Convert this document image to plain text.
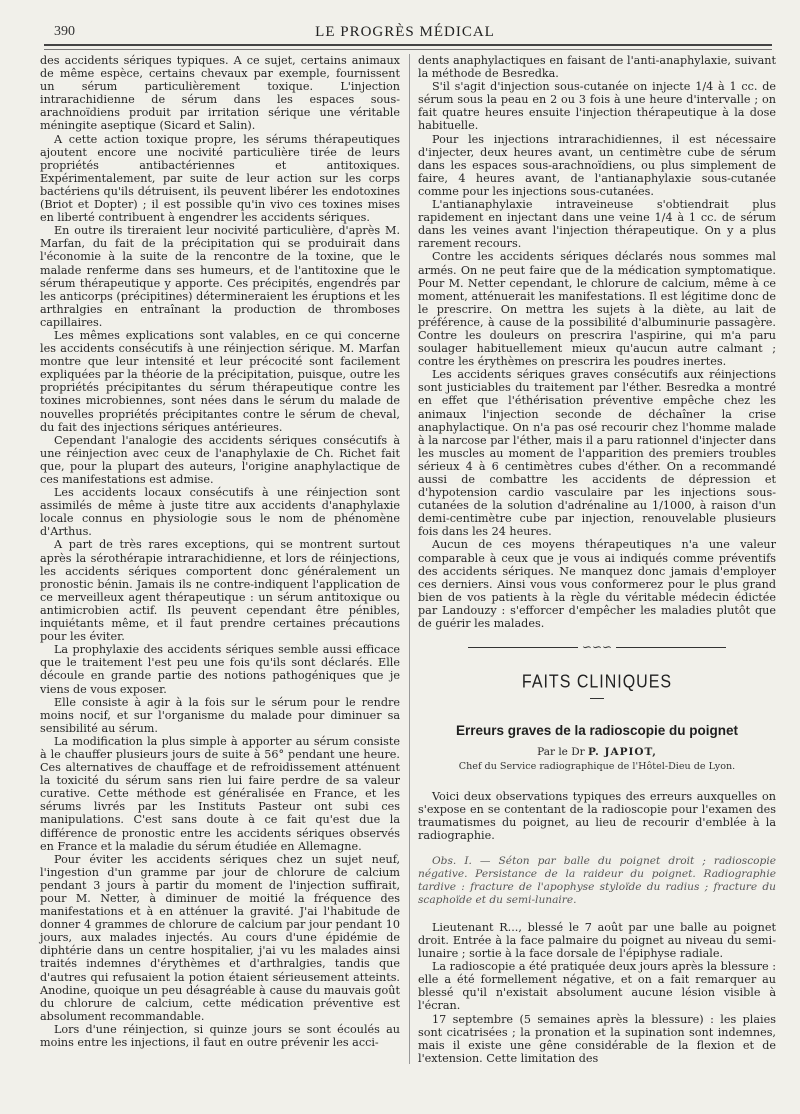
390	LE PROGRÈS MÉDICAL

des accidents sériques typiques. A ce sujet, certains animaux de même espèce, certains chevaux par exemple, fournissent un sérum particulièrement toxique. L'injection intrarachidienne de sérum dans les espaces sous-arachnoïdiens produit par irritation sérique une véritable méningite aseptique (Sicard et Salin).

A cette action toxique propre, les sérums thérapeutiques ajoutent encore une nocivité particulière tirée de leurs propriétés antibactériennes et antitoxiques. Expérimentalement, par suite de leur action sur les corps bactériens qu'ils détruisent, ils peuvent libérer les endotoxines (Briot et Dopter) ; il est possible qu'in vivo ces toxines mises en liberté contribuent à engendrer les accidents sériques.

En outre ils tireraient leur nocivité particulière, d'après M. Marfan, du fait de la précipitation qui se produirait dans l'économie à la suite de la rencontre de la toxine, que le malade renferme dans ses humeurs, et de l'antitoxine que le sérum thérapeutique y apporte. Ces précipités, engendrés par les anticorps (précipitines) détermineraient les éruptions et les arthralgies en entraînant la production de thromboses capillaires.

Les mêmes explications sont valables, en ce qui concerne les accidents consécutifs à une réinjection sérique. M. Marfan montre que leur intensité et leur précocité sont facilement expliquées par la théorie de la précipitation, puisque, outre les propriétés précipitantes du sérum thérapeutique contre les toxines microbiennes, sont nées dans le sérum du malade de nouvelles propriétés précipitantes contre le sérum de cheval, du fait des injections sériques antérieures.

Cependant l'analogie des accidents sériques consécutifs à une réinjection avec ceux de l'anaphylaxie de Ch. Richet fait que, pour la plupart des auteurs, l'origine anaphylactique de ces manifestations est admise.

Les accidents locaux consécutifs à une réinjection sont assimilés de même à juste titre aux accidents d'anaphylaxie locale connus en physiologie sous le nom de phénomène d'Arthus.

A part de très rares exceptions, qui se montrent surtout après la sérothérapie intrarachidienne, et lors de réinjections, les accidents sériques comportent donc généralement un pronostic bénin. Jamais ils ne contre-indiquent l'application de ce merveilleux agent thérapeutique : un sérum antitoxique ou antimicrobien actif. Ils peuvent cependant être pénibles, inquiétants même, et il faut prendre certaines précautions pour les éviter.

La prophylaxie des accidents sériques semble aussi efficace que le traitement l'est peu une fois qu'ils sont déclarés. Elle découle en grande partie des notions pathogéniques que je viens de vous exposer.

Elle consiste à agir à la fois sur le sérum pour le rendre moins nocif, et sur l'organisme du malade pour diminuer sa sensibilité au sérum.

La modification la plus simple à apporter au sérum consiste à le chauffer plusieurs jours de suite à 56° pendant une heure. Ces alternatives de chauffage et de refroidissement atténuent la toxicité du sérum sans rien lui faire perdre de sa valeur curative. Cette méthode est généralisée en France, et les sérums livrés par les Instituts Pasteur ont subi ces manipulations. C'est sans doute à ce fait qu'est due la différence de pronostic entre les accidents sériques observés en France et la maladie du sérum étudiée en Allemagne.

Pour éviter les accidents sériques chez un sujet neuf, l'ingestion d'un gramme par jour de chlorure de calcium pendant 3 jours à partir du moment de l'injection suffirait, pour M. Netter, à diminuer de moitié la fréquence des manifestations et à en atténuer la gravité. J'ai l'habitude de donner 4 grammes de chlorure de calcium par jour pendant 10 jours, aux malades injectés. Au cours d'une épidémie de diphtérie dans un centre hospitalier, j'ai vu les malades ainsi traités indemnes d'érythèmes et d'arthralgies, tandis que d'autres qui refusaient la potion étaient sérieusement atteints. Anodine, quoique un peu désagréable à cause du mauvais goût du chlorure de calcium, cette médication préventive est absolument recommandable.

Lors d'une réinjection, si quinze jours se sont écoulés au moins entre les injections, il faut en outre prévenir les acci-

dents anaphylactiques en faisant de l'anti-anaphylaxie, suivant la méthode de Besredka.

S'il s'agit d'injection sous-cutanée on injecte 1/4 à 1 cc. de sérum sous la peau en 2 ou 3 fois à une heure d'intervalle ; on fait quatre heures ensuite l'injection thérapeutique à la dose habituelle.

Pour les injections intrarachidiennes, il est nécessaire d'injecter, deux heures avant, un centimètre cube de sérum dans les espaces sous-arachnoïdiens, ou plus simplement de faire, 4 heures avant, de l'antianaphylaxie sous-cutanée comme pour les injections sous-cutanées.

L'antianaphylaxie intraveineuse s'obtiendrait plus rapidement en injectant dans une veine 1/4 à 1 cc. de sérum dans les veines avant l'injection thérapeutique. On y a plus rarement recours.

Contre les accidents sériques déclarés nous sommes mal armés. On ne peut faire que de la médication symptomatique. Pour M. Netter cependant, le chlorure de calcium, même à ce moment, atténuerait les manifestations. Il est légitime donc de le prescrire. On mettra les sujets à la diète, au lait de préférence, à cause de la possibilité d'albuminurie passagère. Contre les douleurs on prescrira l'aspirine, qui m'a paru soulager habituellement mieux qu'aucun autre calmant ; contre les érythèmes on prescrira les poudres inertes.

Les accidents sériques graves consécutifs aux réinjections sont justiciables du traitement par l'éther. Besredka a montré en effet que l'éthérisation préventive empêche chez les animaux l'injection seconde de déchaîner la crise anaphylactique. On n'a pas osé recourir chez l'homme malade à la narcose par l'éther, mais il a paru rationnel d'injecter dans les muscles au moment de l'apparition des premiers troubles sérieux 4 à 6 centimètres cubes d'éther. On a recommandé aussi de combattre les accidents de dépression et d'hypotension cardio vasculaire par les injections sous-cutanées de la solution d'adrénaline au 1/1000, à raison d'un demi-centimètre cube par injection, renouvelable plusieurs fois dans les 24 heures.

Aucun de ces moyens thérapeutiques n'a une valeur comparable à ceux que je vous ai indiqués comme préventifs des accidents sériques. Ne manquez donc jamais d'employer ces derniers. Ainsi vous vous conformerez pour le plus grand bien de vos patients à la règle du véritable médecin édictée par Landouzy : s'efforcer d'empêcher les maladies plutôt que de guérir les malades.

∽∽∽
FAITS CLINIQUES
Erreurs graves de la radioscopie du poignet
Par le Dr P. JAPIOT,
Chef du Service radiographique de l'Hôtel-Dieu de Lyon.

Voici deux observations typiques des erreurs auxquelles on s'expose en se contentant de la radioscopie pour l'examen des traumatismes du poignet, au lieu de recourir d'emblée à la radiographie.

Obs. I. — Séton par balle du poignet droit ; radioscopie négative. Persistance de la raideur du poignet. Radiographie tardive : fracture de l'apophyse styloïde du radius ; fracture du scaphoïde et du semi-lunaire.

Lieutenant R..., blessé le 7 août par une balle au poignet droit. Entrée à la face palmaire du poignet au niveau du semi-lunaire ; sortie à la face dorsale de l'épiphyse radiale.

La radioscopie a été pratiquée deux jours après la blessure : elle a été formellement négative, et on a fait remarquer au blessé qu'il n'existait absolument aucune lésion visible à l'écran.

17 septembre (5 semaines après la blessure) : les plaies sont cicatrisées ; la pronation et la supination sont indemnes, mais il existe une gêne considérable de la flexion et de l'extension. Cette limitation des
